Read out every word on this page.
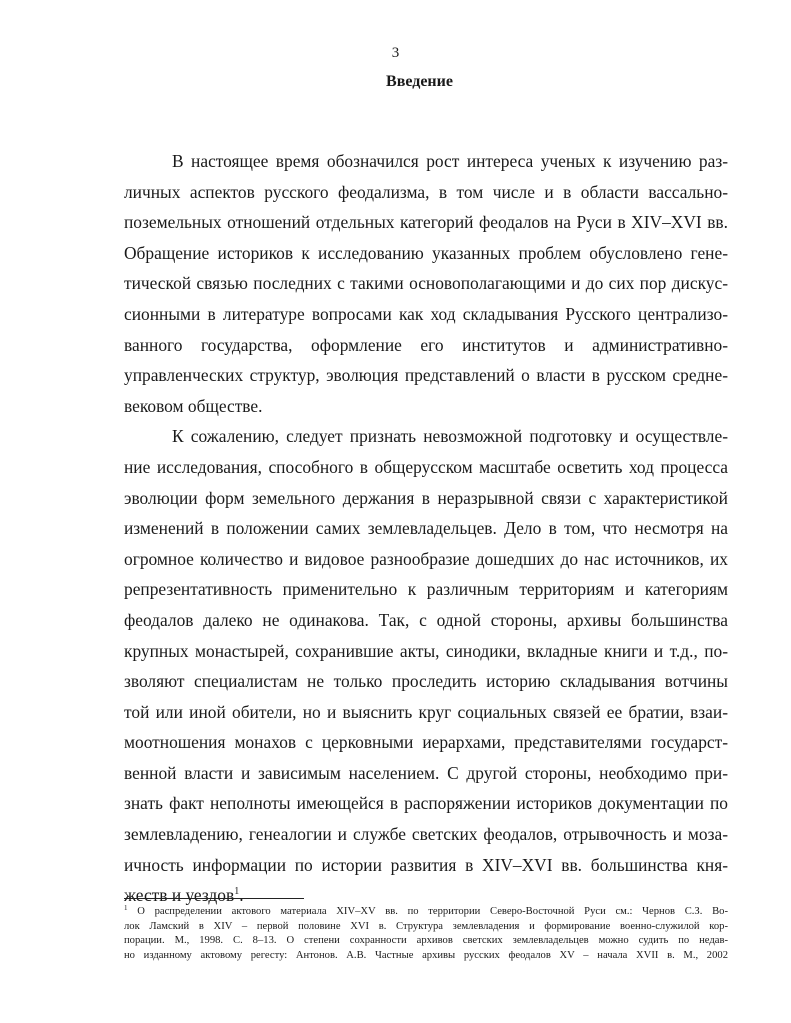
3
Введение
В настоящее время обозначился рост интереса ученых к изучению раз-
личных аспектов русского феодализма, в том числе и в области вассально-
поземельных отношений отдельных категорий феодалов на Руси в XIV–XVI вв.
Обращение историков к исследованию указанных проблем обусловлено гене-
тической связью последних с такими основополагающими и до сих пор дискус-
сионными в литературе вопросами как ход складывания Русского централизо-
ванного государства, оформление его институтов и административно-
управленческих структур, эволюция представлений о власти в русском средне-
вековом обществе.
К сожалению, следует признать невозможной подготовку и осуществле-
ние исследования, способного в общерусском масштабе осветить ход процесса
эволюции форм земельного держания в неразрывной связи с характеристикой
изменений в положении самих землевладельцев. Дело в том, что несмотря на
огромное количество и видовое разнообразие дошедших до нас источников, их
репрезентативность применительно к различным территориям и категориям
феодалов далеко не одинакова. Так, с одной стороны, архивы большинства
крупных монастырей, сохранившие акты, синодики, вкладные книги и т.д., по-
зволяют специалистам не только проследить историю складывания вотчины
той или иной обители, но и выяснить круг социальных связей ее братии, взаи-
моотношения монахов с церковными иерархами, представителями государст-
венной власти и зависимым населением. С другой стороны, необходимо при-
знать факт неполноты имеющейся в распоряжении историков документации по
землевладению, генеалогии и службе светских феодалов, отрывочность и моза-
ичность информации по истории развития в XIV–XVI вв. большинства кня-
жеств и уездов$^1$.
$^1$ О распределении актового материала XIV–XV вв. по территории Северо-Восточной Руси см.: Чернов С.З. Во-
лок Ламский в XIV – первой половине XVI в. Структура землевладения и формирование военно-служилой кор-
порации. М., 1998. С. 8–13. О степени сохранности архивов светских землевладельцев можно судить по недав-
но изданному актовому регесту: Антонов. А.В. Частные архивы русских феодалов XV – начала XVII в. М., 2002
